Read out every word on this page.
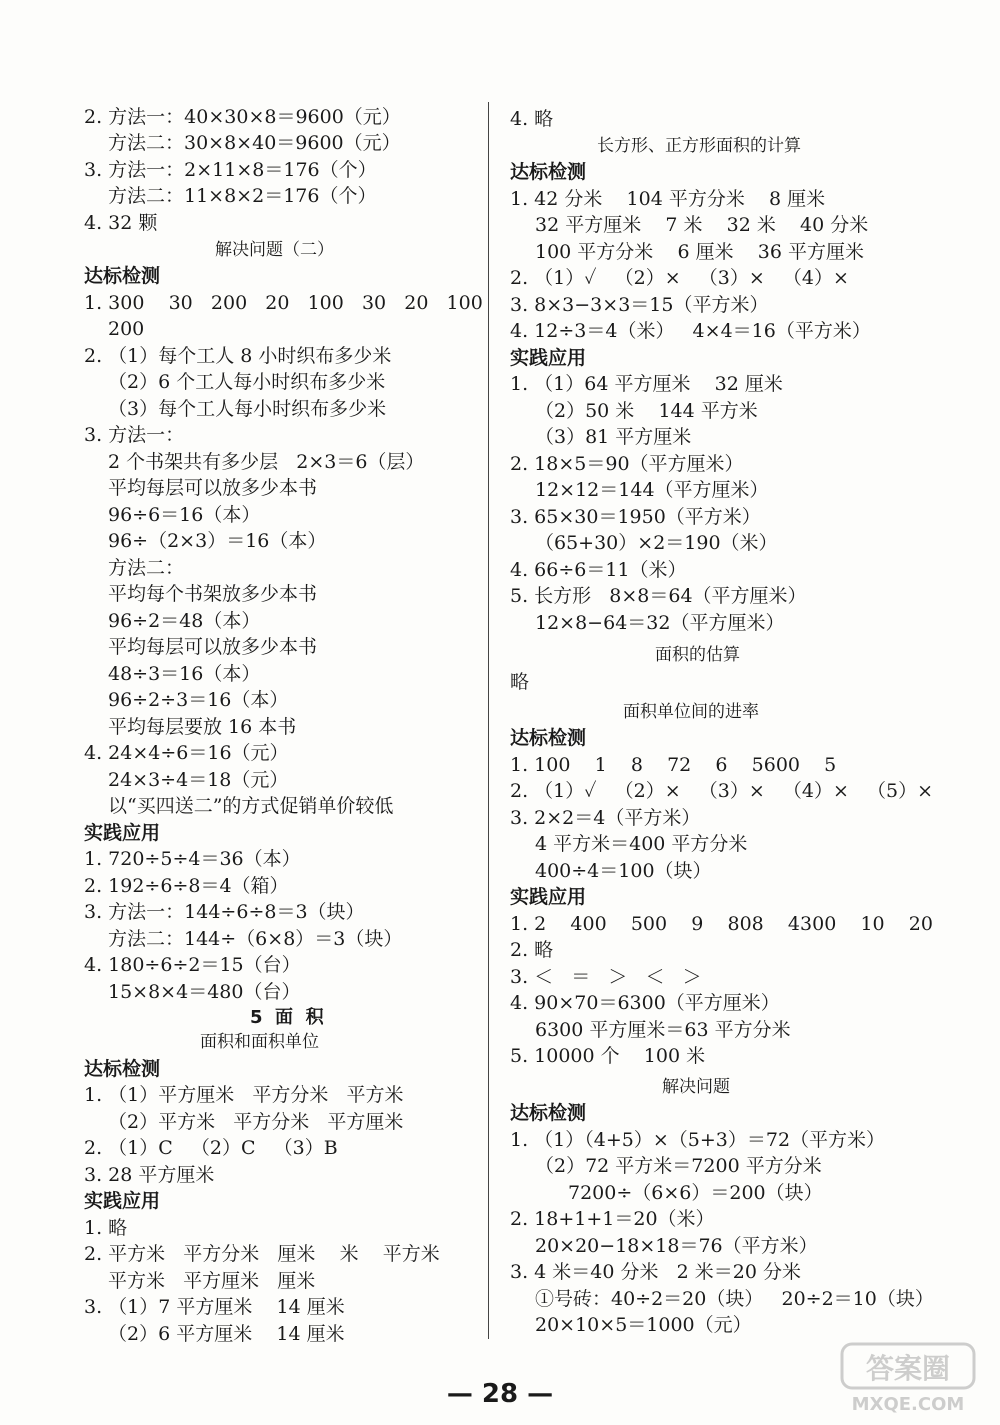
2. 方法一：40×30×8＝9600（元）
方法二：30×8×40＝9600（元）
3. 方法一：2×11×8＝176（个）
方法二：11×8×2＝176（个）
4. 32 颗
解决问题（二）
达标检测
1. 300    30   200   20   100   30   20   100
200
2. （1）每个工人 8 小时织布多少米
（2）6 个工人每小时织布多少米
（3）每个工人每小时织布多少米
3. 方法一：
2 个书架共有多少层   2×3＝6（层）
平均每层可以放多少本书
96÷6＝16（本）
96÷（2×3）＝16（本）
方法二：
平均每个书架放多少本书
96÷2＝48（本）
平均每层可以放多少本书
48÷3＝16（本）
96÷2÷3＝16（本）
平均每层要放 16 本书
4. 24×4÷6＝16（元）
24×3÷4＝18（元）
以“买四送二”的方式促销单价较低
实践应用
1. 720÷5÷4＝36（本）
2. 192÷6÷8＝4（箱）
3. 方法一：144÷6÷8＝3（块）
方法二：144÷（6×8）＝3（块）
4. 180÷6÷2＝15（台）
15×8×4＝480（台）
5  面  积
面积和面积单位
达标检测
1. （1）平方厘米   平方分米   平方米
（2）平方米   平方分米   平方厘米
2. （1）C   （2）C   （3）B
3. 28 平方厘米
实践应用
1. 略
2. 平方米   平方分米   厘米    米    平方米
平方米   平方厘米   厘米
3. （1）7 平方厘米    14 厘米
（2）6 平方厘米    14 厘米
4. 略
长方形、正方形面积的计算
达标检测
1. 42 分米    104 平方分米    8 厘米
32 平方厘米    7 米    32 米    40 分米
100 平方分米    6 厘米    36 平方厘米
2. （1）✓   （2）×   （3）×   （4）×
3. 8×3−3×3＝15（平方米）
4. 12÷3＝4（米）   4×4＝16（平方米）
实践应用
1. （1）64 平方厘米    32 厘米
（2）50 米    144 平方米
（3）81 平方厘米
2. 18×5＝90（平方厘米）
12×12＝144（平方厘米）
3. 65×30＝1950（平方米）
（65+30）×2＝190（米）
4. 66÷6＝11（米）
5. 长方形   8×8＝64（平方厘米）
12×8−64＝32（平方厘米）
面积的估算
略
面积单位间的进率
达标检测
1. 100    1    8    72    6    5600    5
2. （1）✓   （2）×   （3）×   （4）×   （5）×
3. 2×2＝4（平方米）
4 平方米＝400 平方分米
400÷4＝100（块）
实践应用
1. 2    400    500    9    808    4300    10    20
2. 略
3. ＜   ＝   ＞   ＜   ＞
4. 90×70＝6300（平方厘米）
6300 平方厘米＝63 平方分米
5. 10000 个    100 米
解决问题
达标检测
1. （1）（4+5）×（5+3）＝72（平方米）
（2）72 平方米＝7200 平方分米
7200÷（6×6）＝200（块）
2. 18+1+1＝20（米）
20×20−18×18＝76（平方米）
3. 4 米＝40 分米   2 米＝20 分米
①号砖：40÷2＝20（块）   20÷2＝10（块）
20×10×5＝1000（元）
— 28 —
答案圈
MXQE.COM
